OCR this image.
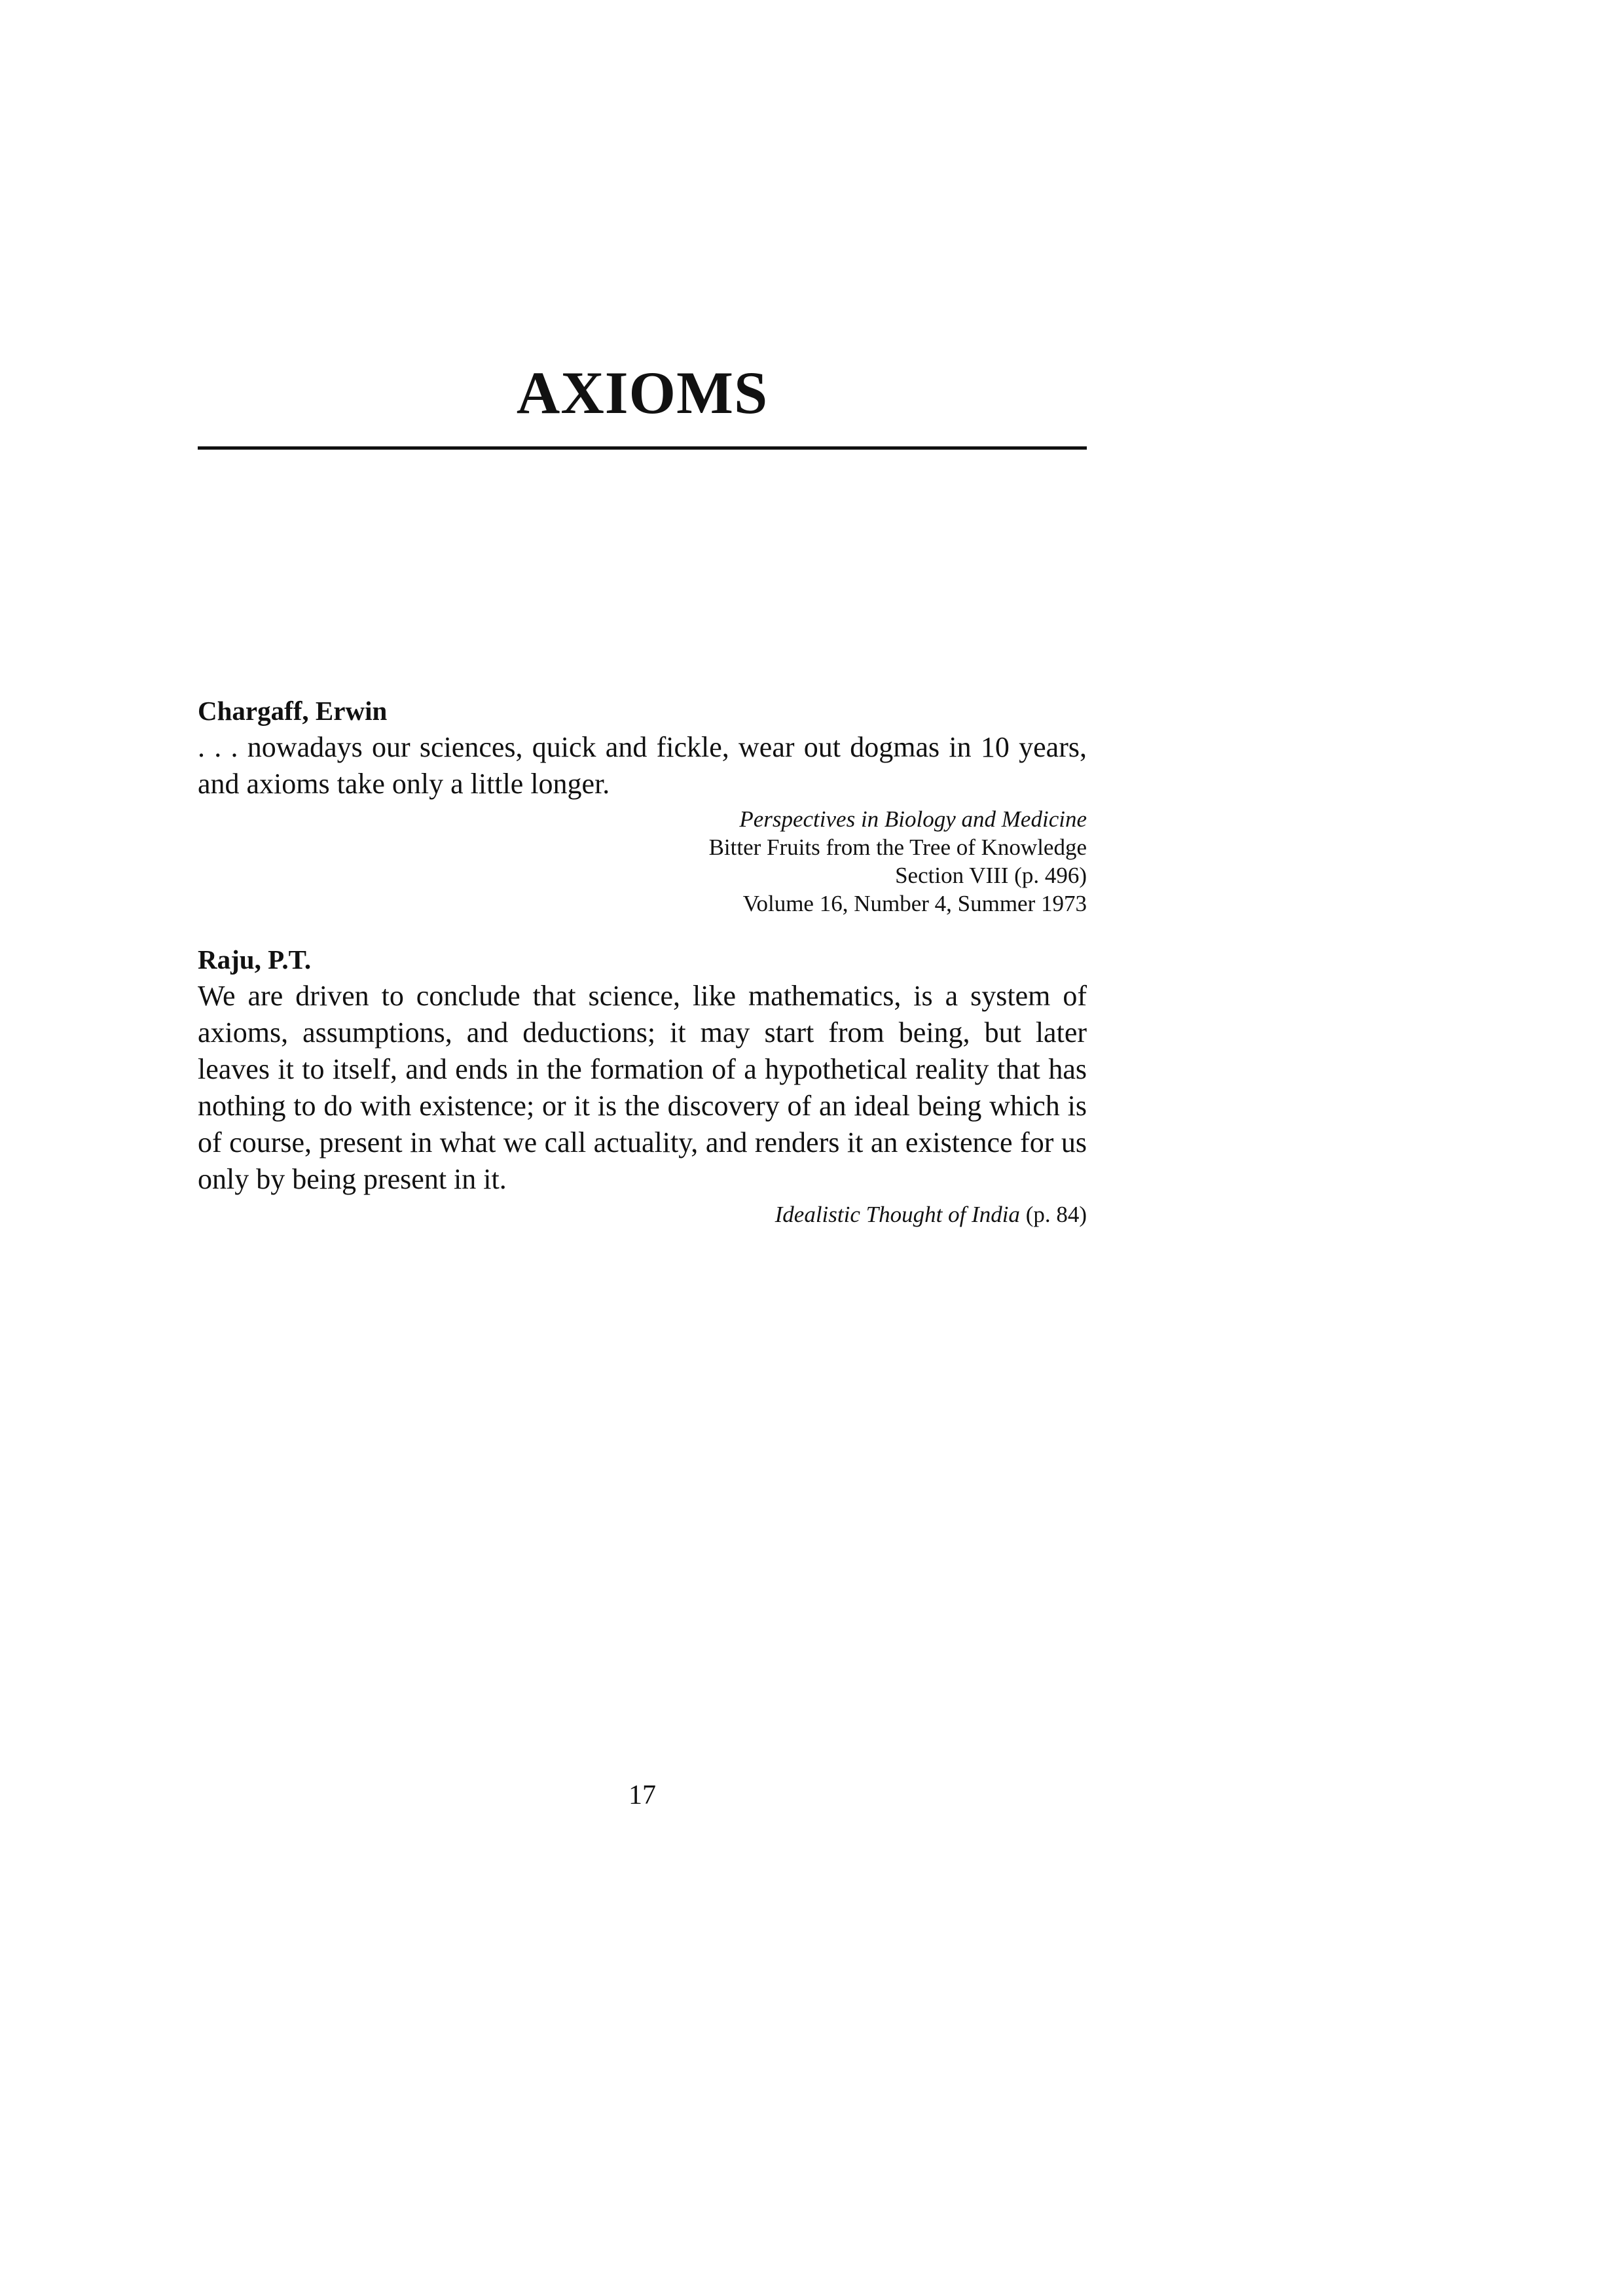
AXIOMS

Chargaff, Erwin

. . . nowadays our sciences, quick and fickle, wear out dogmas in 10 years, and axioms take only a little longer.

Perspectives in Biology and Medicine
Bitter Fruits from the Tree of Knowledge
Section VIII (p. 496)
Volume 16, Number 4, Summer 1973

Raju, P.T.

We are driven to conclude that science, like mathematics, is a system of axioms, assumptions, and deductions; it may start from being, but later leaves it to itself, and ends in the formation of a hypothetical reality that has nothing to do with existence; or it is the discovery of an ideal being which is of course, present in what we call actuality, and renders it an existence for us only by being present in it.

Idealistic Thought of India (p. 84)

17
